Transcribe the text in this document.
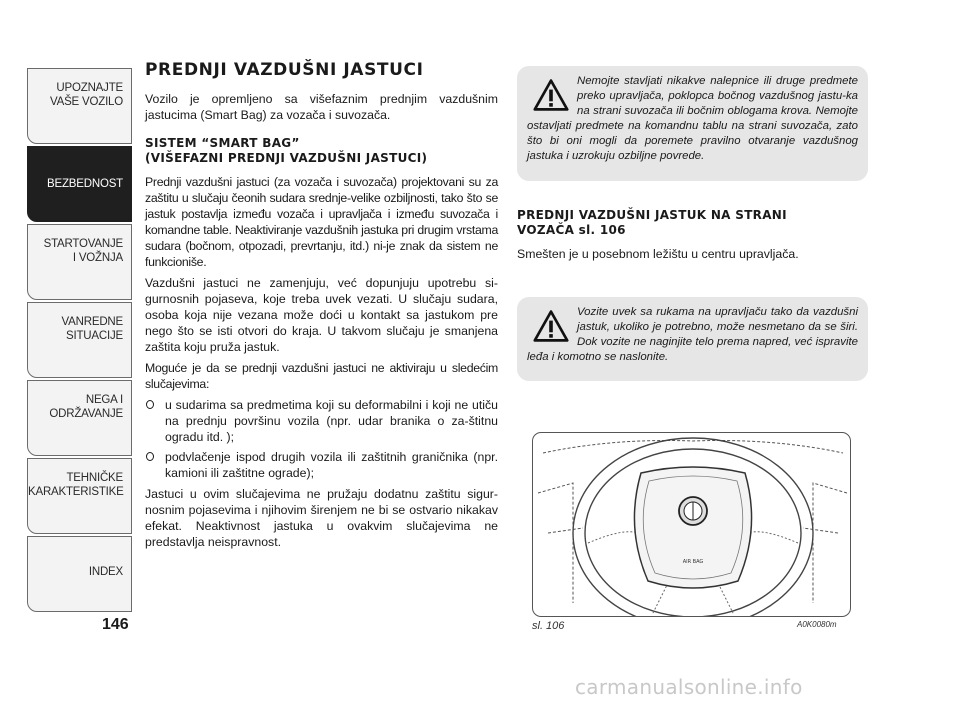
UPOZNAJTE
VAŠE VOZILO
BEZBEDNOST
STARTOVANJE
I VOŽNJA
VANREDNE
SITUACIJE
NEGA I
ODRŽAVANJE
TEHNIČKE
KARAKTERISTIKE
INDEX
146
PREDNJI VAZDUŠNI JASTUCI

Vozilo je opremljeno sa višefaznim prednjim vazdušnim jastucima (Smart Bag) za vozača i suvozača.

SISTEM “SMART BAG”
(VIŠEFAZNI PREDNJI VAZDUŠNI JASTUCI)

Prednji vazdušni jastuci (za vozača i suvozača) projektovani su za zaštitu u slučaju čeonih sudara srednje-velike ozbiljnosti, tako što se jastuk postavlja između vozača i upravljača i između suvozača i komandne table. Neaktiviranje vazdušnih jastuka pri drugim vrstama sudara (bočnom, otpozadi, prevrtanju, itd.) ni-je znak da sistem ne funkcioniše.

Vazdušni jastuci ne zamenjuju, već dopunjuju upotrebu si-gurnosnih pojaseva, koje treba uvek vezati. U slučaju sudara, osoba koja nije vezana može doći u kontakt sa jastukom pre nego što se isti otvori do kraja. U takvom slučaju je smanjena zaštita koju pruža jastuk.

Moguće je da se prednji vazdušni jastuci ne aktiviraju u sledećim slučajevima:

u sudarima sa predmetima koji su deformabilni i koji ne utiču na prednju površinu vozila (npr. udar branika o za-štitnu ogradu itd. );
podvlačenje ispod drugih vozila ili zaštitnih graničnika (npr. kamioni ili zaštitne ograde);

Jastuci u ovim slučajevima ne pružaju dodatnu zaštitu sigur-nosnim pojasevima i njihovim širenjem ne bi se ostvario nikakav efekat. Neaktivnost jastuka u ovakvim slučajevima ne predstavlja neispravnost.

Nemojte stavljati nikakve nalepnice ili druge predmete preko upravljača, poklopca bočnog vazdušnog jastu-ka na strani suvozača ili bočnim oblogama krova. Nemojte ostavljati predmete na komandnu tablu na strani suvozača, zato što bi oni mogli da poremete pravilno otvaranje vazdušnog jastuka i uzrokuju ozbiljne povrede.
PREDNJI VAZDUŠNI JASTUK NA STRANI
VOZAČA sl. 106

Smešten je u posebnom ležištu u centru upravljača.

Vozite uvek sa rukama na upravljaču tako da vazdušni jastuk, ukoliko je potrebno, može nesmetano da se širi. Dok vozite ne naginjite telo prema napred, već ispravite leđa i komotno se naslonite.
AIR BAG
sl. 106	A0K0080m
carmanualsonline.info
